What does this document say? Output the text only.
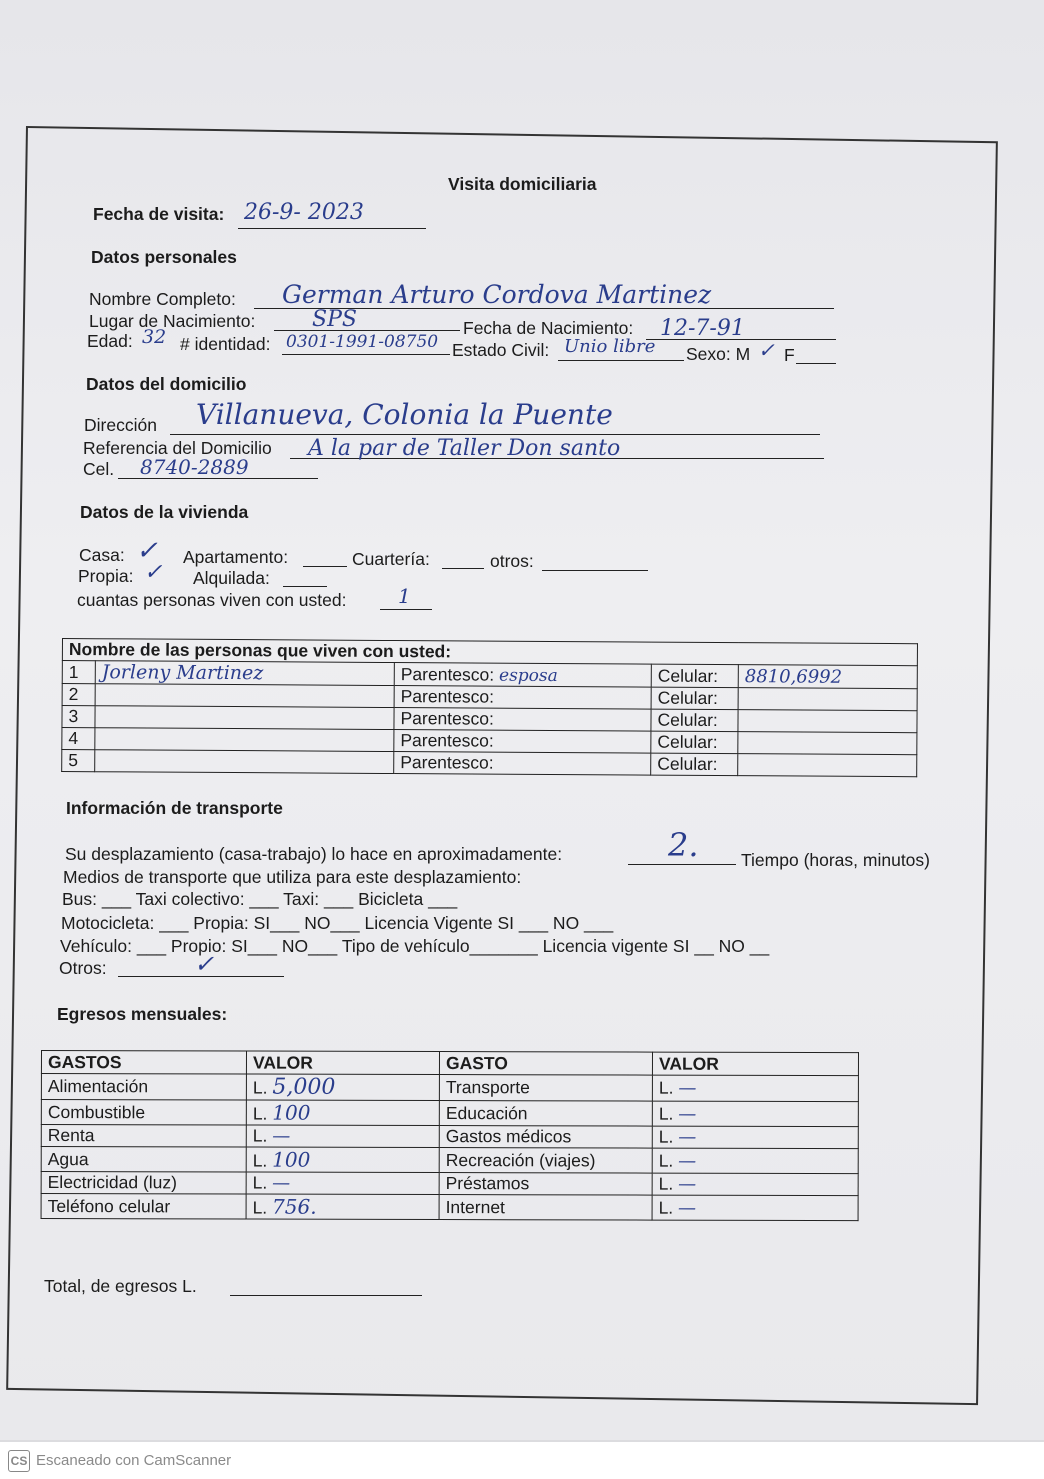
Visita domiciliaria
Fecha de visita: 26-9- 2023
Datos personales
Nombre Completo: German Arturo Cordova Martinez
Lugar de Nacimiento:	SPS	Fecha de Nacimiento: 12-7-91
Edad: 32 # identidad: 0301-1991-08750 Estado Civil: Unio libre Sexo: M ✓ F
Datos del domicilio
Dirección Villanueva, Colonia la Puente
Referencia del Domicilio A la par de Taller Don santo
Cel. 8740-2889
Datos de la vivienda
Casa: ✓ Apartamento:	Cuartería:	otros:
Propia: ✓ Alquilada:
cuantas personas viven con usted:	1
Nombre de las personas que viven con usted:				
1	Jorleny Martinez	Parentesco: esposa	Celular:	8810,6992
2		Parentesco:	Celular:	
3		Parentesco:	Celular:	
4		Parentesco:	Celular:	
5		Parentesco:	Celular:	
Información de transporte
Su desplazamiento (casa-trabajo) lo hace en aproximadamente:	2. Tiempo (horas, minutos)
Medios de transporte que utiliza para este desplazamiento:
Bus: ___ Taxi colectivo: ___ Taxi: ___ Bicicleta ___
Motocicleta: ___ Propia: SI___ NO___ Licencia Vigente SI ___ NO ___
Vehículo: ___ Propio: SI___ NO___ Tipo de vehículo_______ Licencia vigente SI __ NO __
Otros:	✓
Egresos mensuales:
GASTOS	VALOR	GASTO	VALOR
Alimentación	L. 5,000	Transporte	L. —
Combustible	L. 100	Educación	L. —
Renta	L. —	Gastos médicos	L. —
Agua	L. 100	Recreación (viajes)	L. —
Electricidad (luz)	L. —	Préstamos	L. —
Teléfono celular	L. 756.	Internet	L. —
Total, de egresos L.
CS Escaneado con CamScanner
